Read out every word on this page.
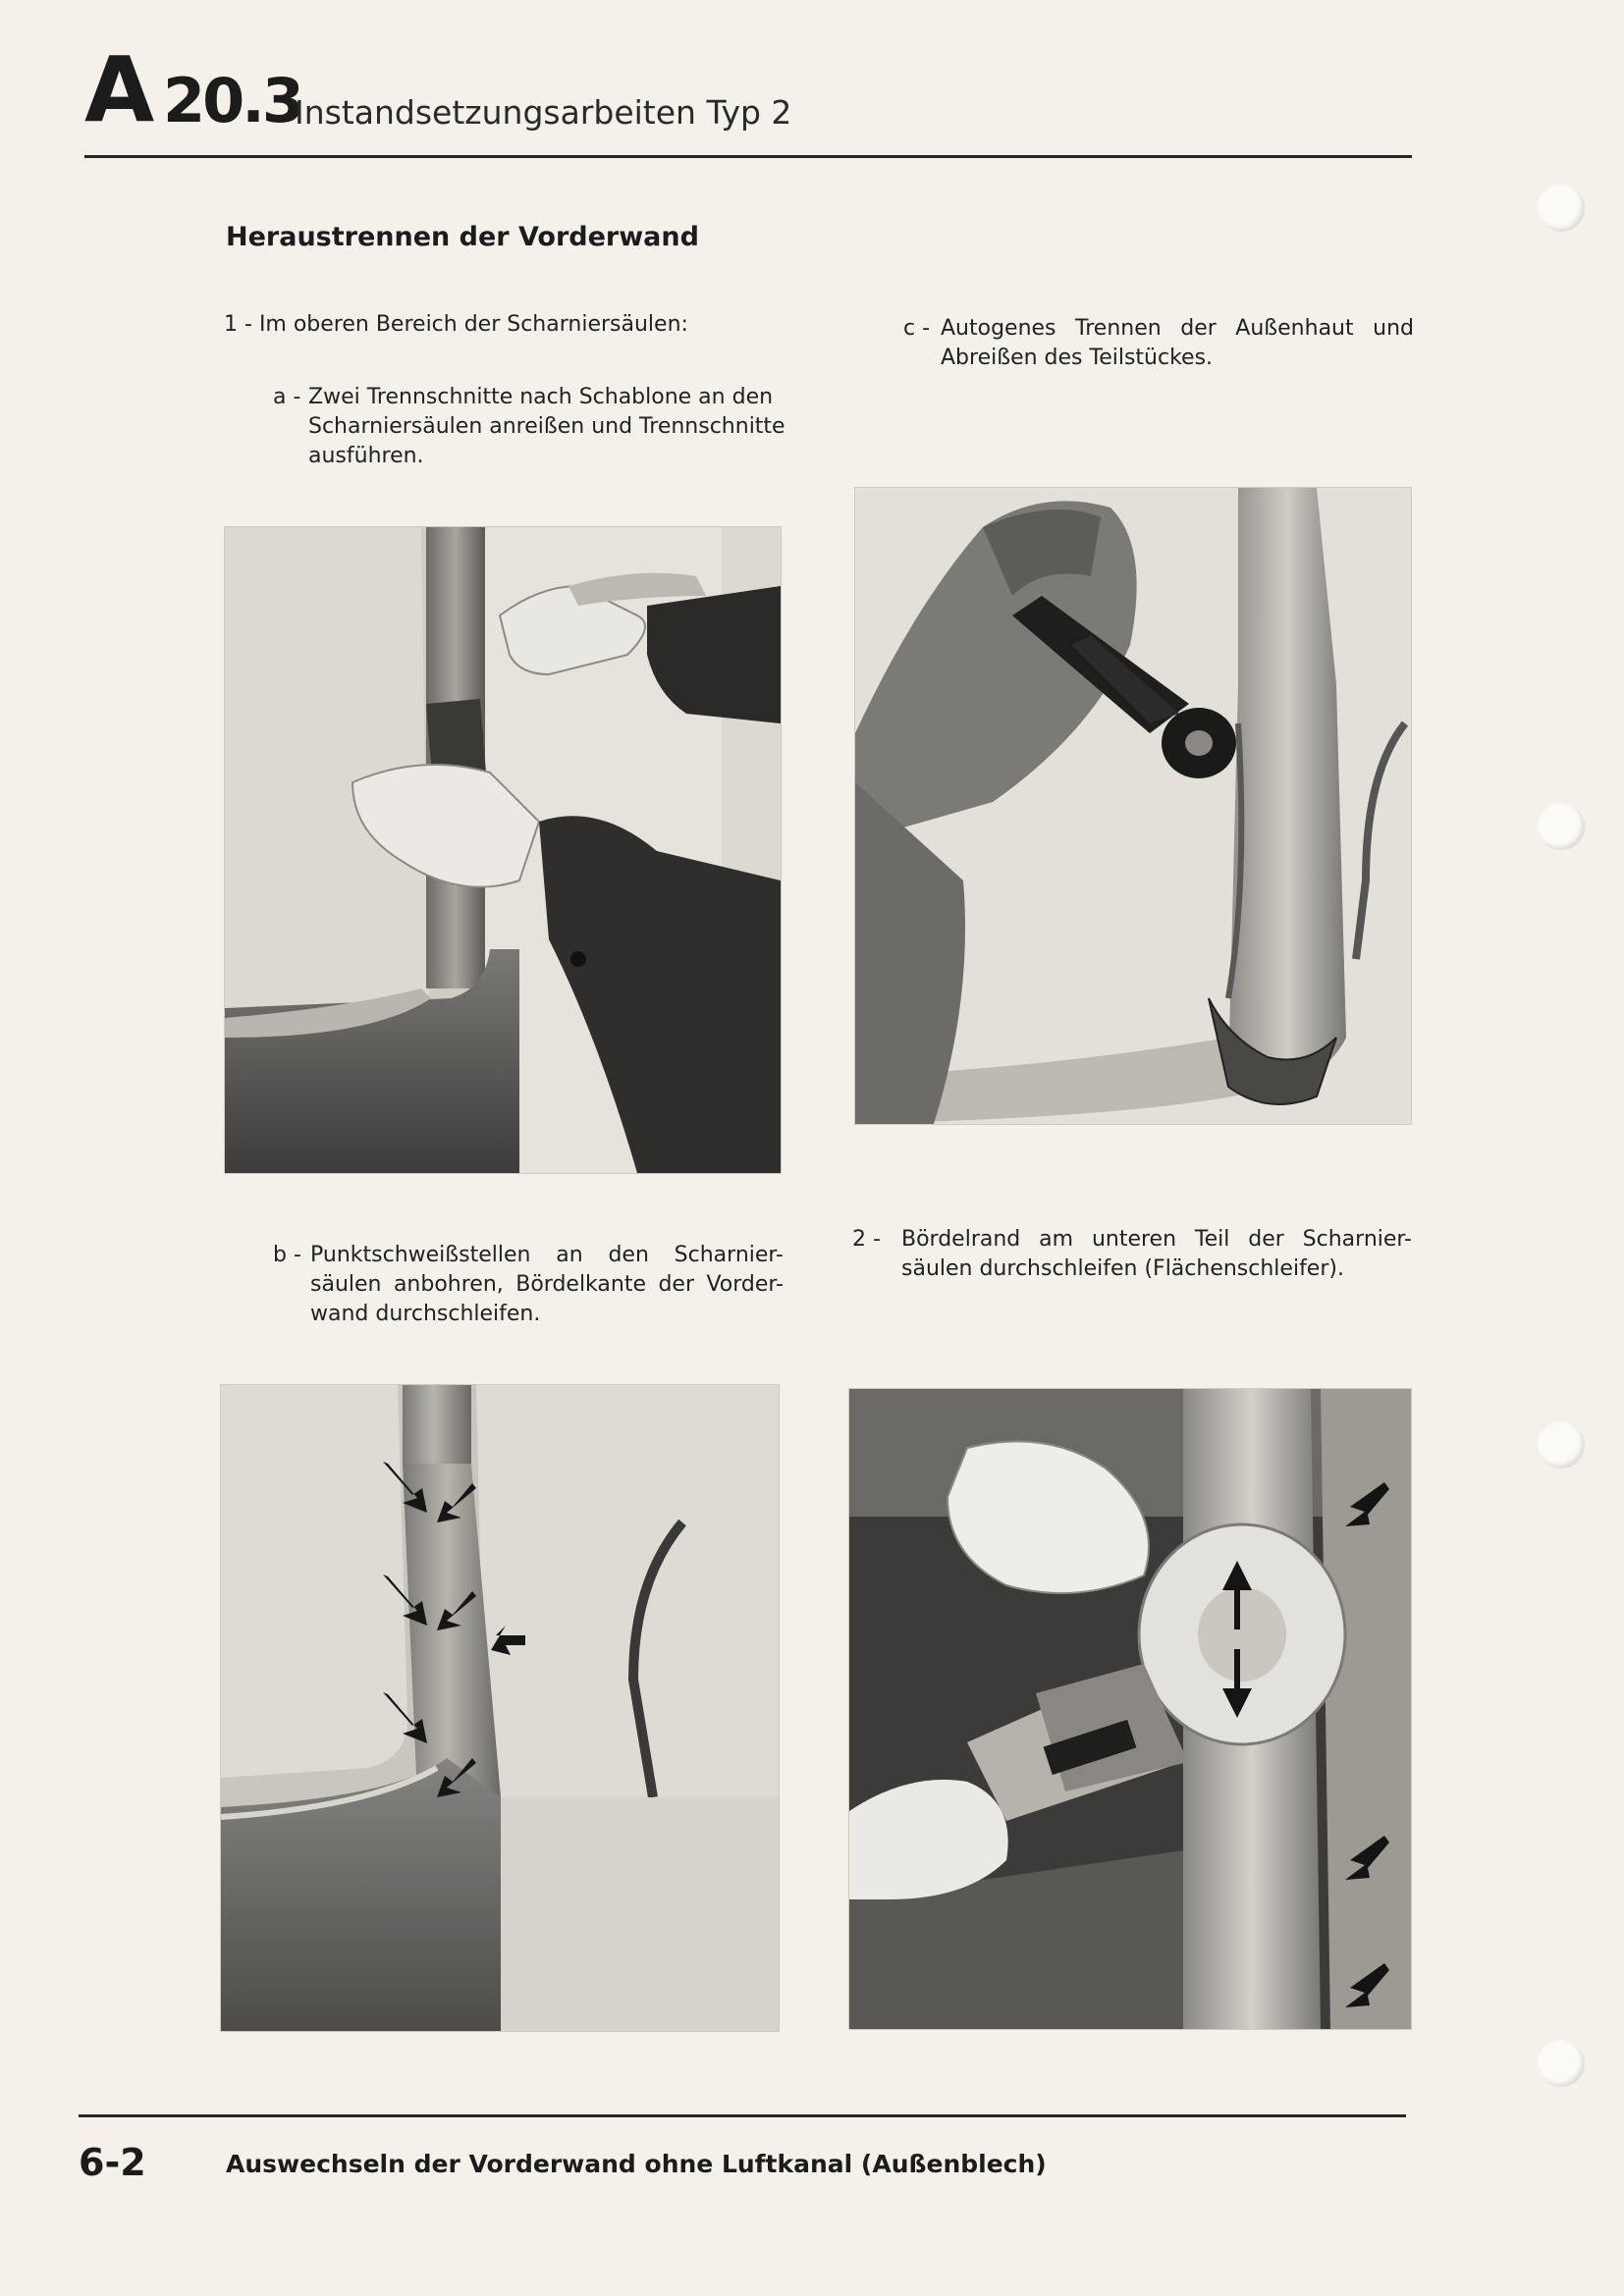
A 20.3
Instandsetzungsarbeiten Typ 2
Heraustrennen der Vorderwand
1 - Im oberen Bereich der Scharniersäulen:
a - Zwei Trennschnitte nach Schablone an den
Scharniersäulen anreißen und Trennschnitte
ausführen.
c - Autogenes Trennen der Außenhaut und
Abreißen des Teilstückes.
b - Punktschweißstellen an den Scharnier-
säulen anbohren, Bördelkante der Vorder-
wand durchschleifen.
2 - Bördelrand am unteren Teil der Scharnier-
säulen durchschleifen (Flächenschleifer).
6-2	Auswechseln der Vorderwand ohne Luftkanal (Außenblech)
